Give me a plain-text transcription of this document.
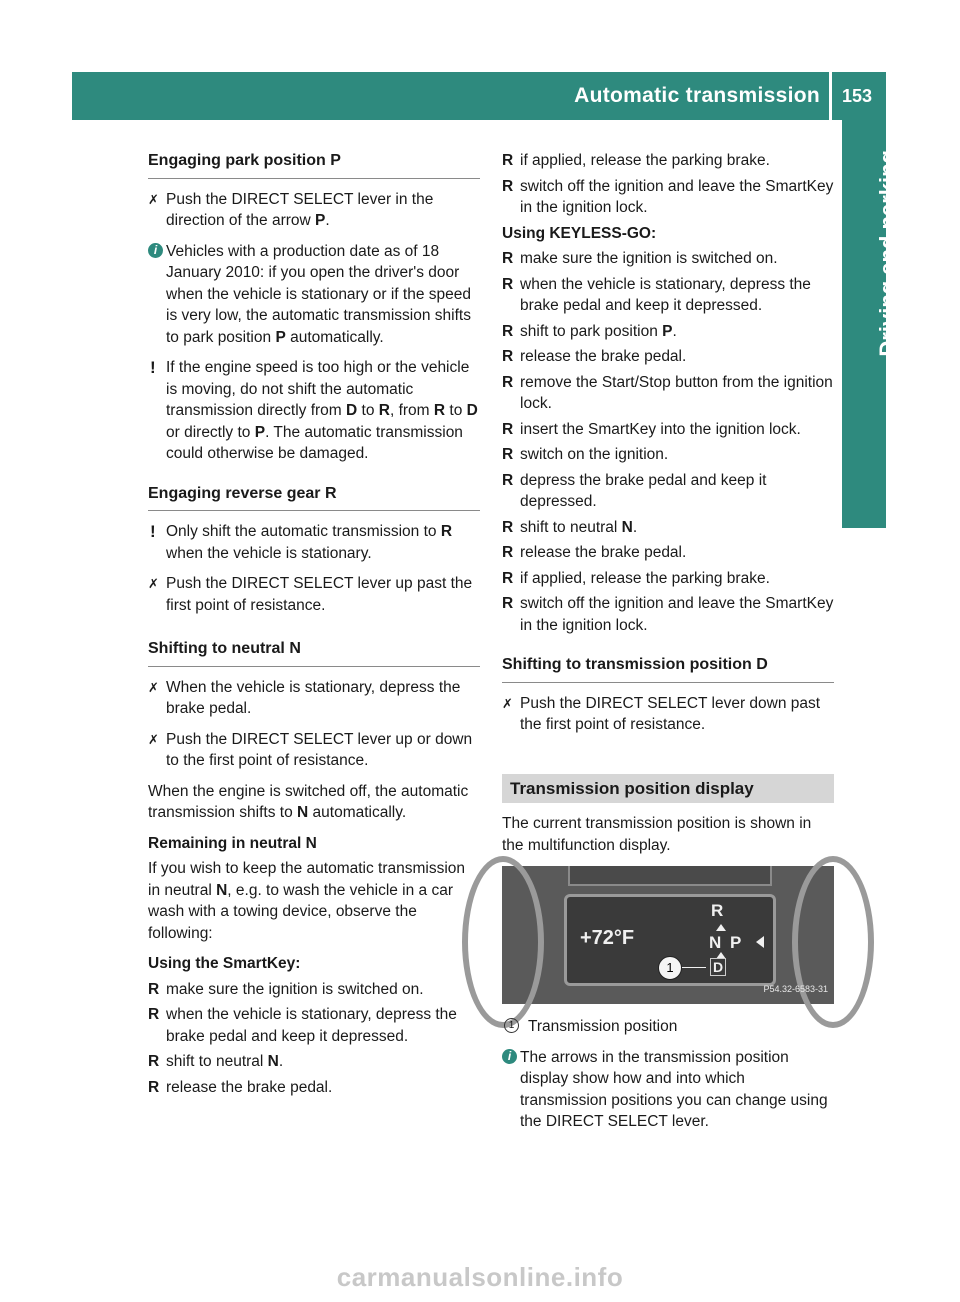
Automatic transmission 153
Driving and parking
Engaging park position P
✗ Push the DIRECT SELECT lever in the direction of the arrow P.
i Vehicles with a production date as of 18 January 2010: if you open the driver's door when the vehicle is stationary or if the speed is very low, the automatic transmission shifts to park position P automatically.
! If the engine speed is too high or the vehicle is moving, do not shift the automatic transmission directly from D to R, from R to D or directly to P. The automatic transmission could otherwise be damaged.
Engaging reverse gear R
! Only shift the automatic transmission to R when the vehicle is stationary.
✗ Push the DIRECT SELECT lever up past the first point of resistance.
Shifting to neutral N
✗ When the vehicle is stationary, depress the brake pedal.
✗ Push the DIRECT SELECT lever up or down to the first point of resistance.
When the engine is switched off, the automatic transmission shifts to N automatically.
Remaining in neutral N
If you wish to keep the automatic transmission in neutral N, e.g. to wash the vehicle in a car wash with a towing device, observe the following:
Using the SmartKey:
R make sure the ignition is switched on.
R when the vehicle is stationary, depress the brake pedal and keep it depressed.
R shift to neutral N.
R release the brake pedal.
R if applied, release the parking brake.
R switch off the ignition and leave the SmartKey in the ignition lock.
Using KEYLESS-GO:
R make sure the ignition is switched on.
R when the vehicle is stationary, depress the brake pedal and keep it depressed.
R shift to park position P.
R release the brake pedal.
R remove the Start/Stop button from the ignition lock.
R insert the SmartKey into the ignition lock.
R switch on the ignition.
R depress the brake pedal and keep it depressed.
R shift to neutral N.
R release the brake pedal.
R if applied, release the parking brake.
R switch off the ignition and leave the SmartKey in the ignition lock.
Shifting to transmission position D
✗ Push the DIRECT SELECT lever down past the first point of resistance.
Transmission position display
The current transmission position is shown in the multifunction display.
+72°F
R
N P
D
1
P54.32-6583-31
1 Transmission position
i The arrows in the transmission position display show how and into which transmission positions you can change using the DIRECT SELECT lever.
carmanualsonline.info
